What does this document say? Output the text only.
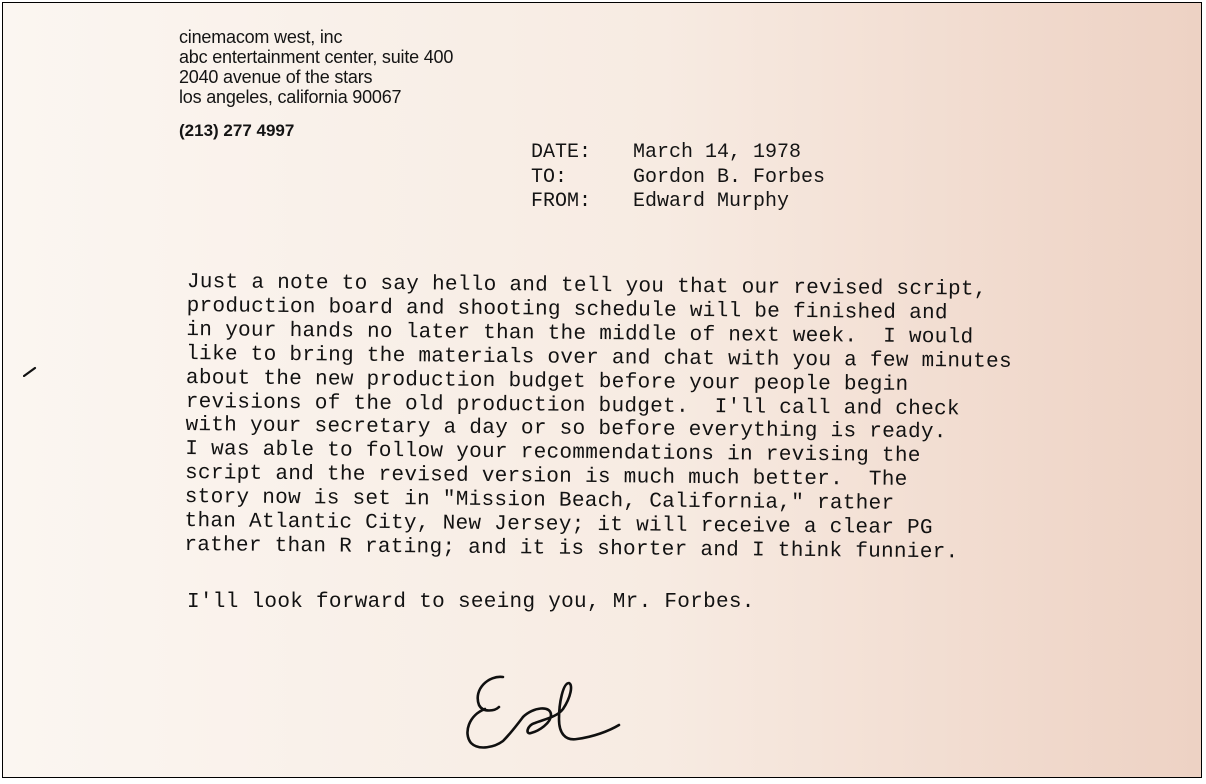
cinemacom west, inc
abc entertainment center, suite 400
2040 avenue of the stars
los angeles, california 90067
(213) 277 4997
DATE:	March 14, 1978
TO:	Gordon B. Forbes
FROM:	Edward Murphy
Just a note to say hello and tell you that our revised script,
production board and shooting schedule will be finished and
in your hands no later than the middle of next week.  I would
like to bring the materials over and chat with you a few minutes
about the new production budget before your people begin
revisions of the old production budget.  I'll call and check
with your secretary a day or so before everything is ready.
I was able to follow your recommendations in revising the
script and the revised version is much much better.  The
story now is set in "Mission Beach, California," rather
than Atlantic City, New Jersey; it will receive a clear PG
rather than R rating; and it is shorter and I think funnier.
I'll look forward to seeing you, Mr. Forbes.
